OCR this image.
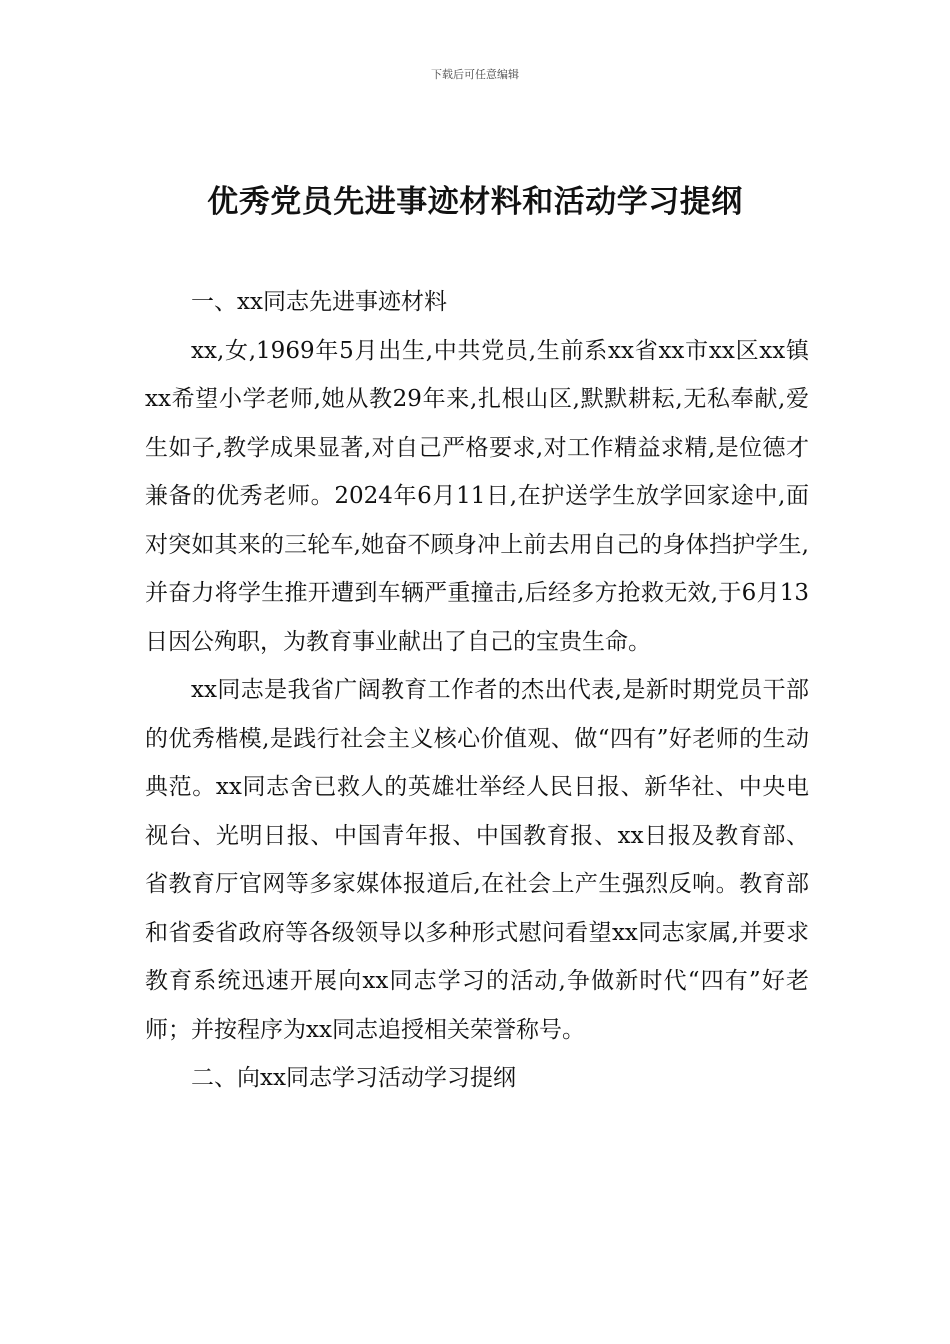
下载后可任意编辑
优秀党员先进事迹材料和活动学习提纲

一、xx同志先进事迹材料

xx,女,1969年5月出生,中共党员,生前系xx省xx市xx区xx镇xx希望小学老师,她从教29年来,扎根山区,默默耕耘,无私奉献,爱生如子,教学成果显著,对自己严格要求,对工作精益求精,是位德才兼备的优秀老师。2024年6月11日,在护送学生放学回家途中,面对突如其来的三轮车,她奋不顾身冲上前去用自己的身体挡护学生,并奋力将学生推开遭到车辆严重撞击,后经多方抢救无效,于6月13日因公殉职，为教育事业献出了自己的宝贵生命。

xx同志是我省广阔教育工作者的杰出代表,是新时期党员干部的优秀楷模,是践行社会主义核心价值观、做“四有”好老师的生动典范。xx同志舍已救人的英雄壮举经人民日报、新华社、中央电视台、光明日报、中国青年报、中国教育报、xx日报及教育部、省教育厅官网等多家媒体报道后,在社会上产生强烈反响。教育部和省委省政府等各级领导以多种形式慰问看望xx同志家属,并要求教育系统迅速开展向xx同志学习的活动,争做新时代“四有”好老师；并按程序为xx同志追授相关荣誉称号。

二、向xx同志学习活动学习提纲
